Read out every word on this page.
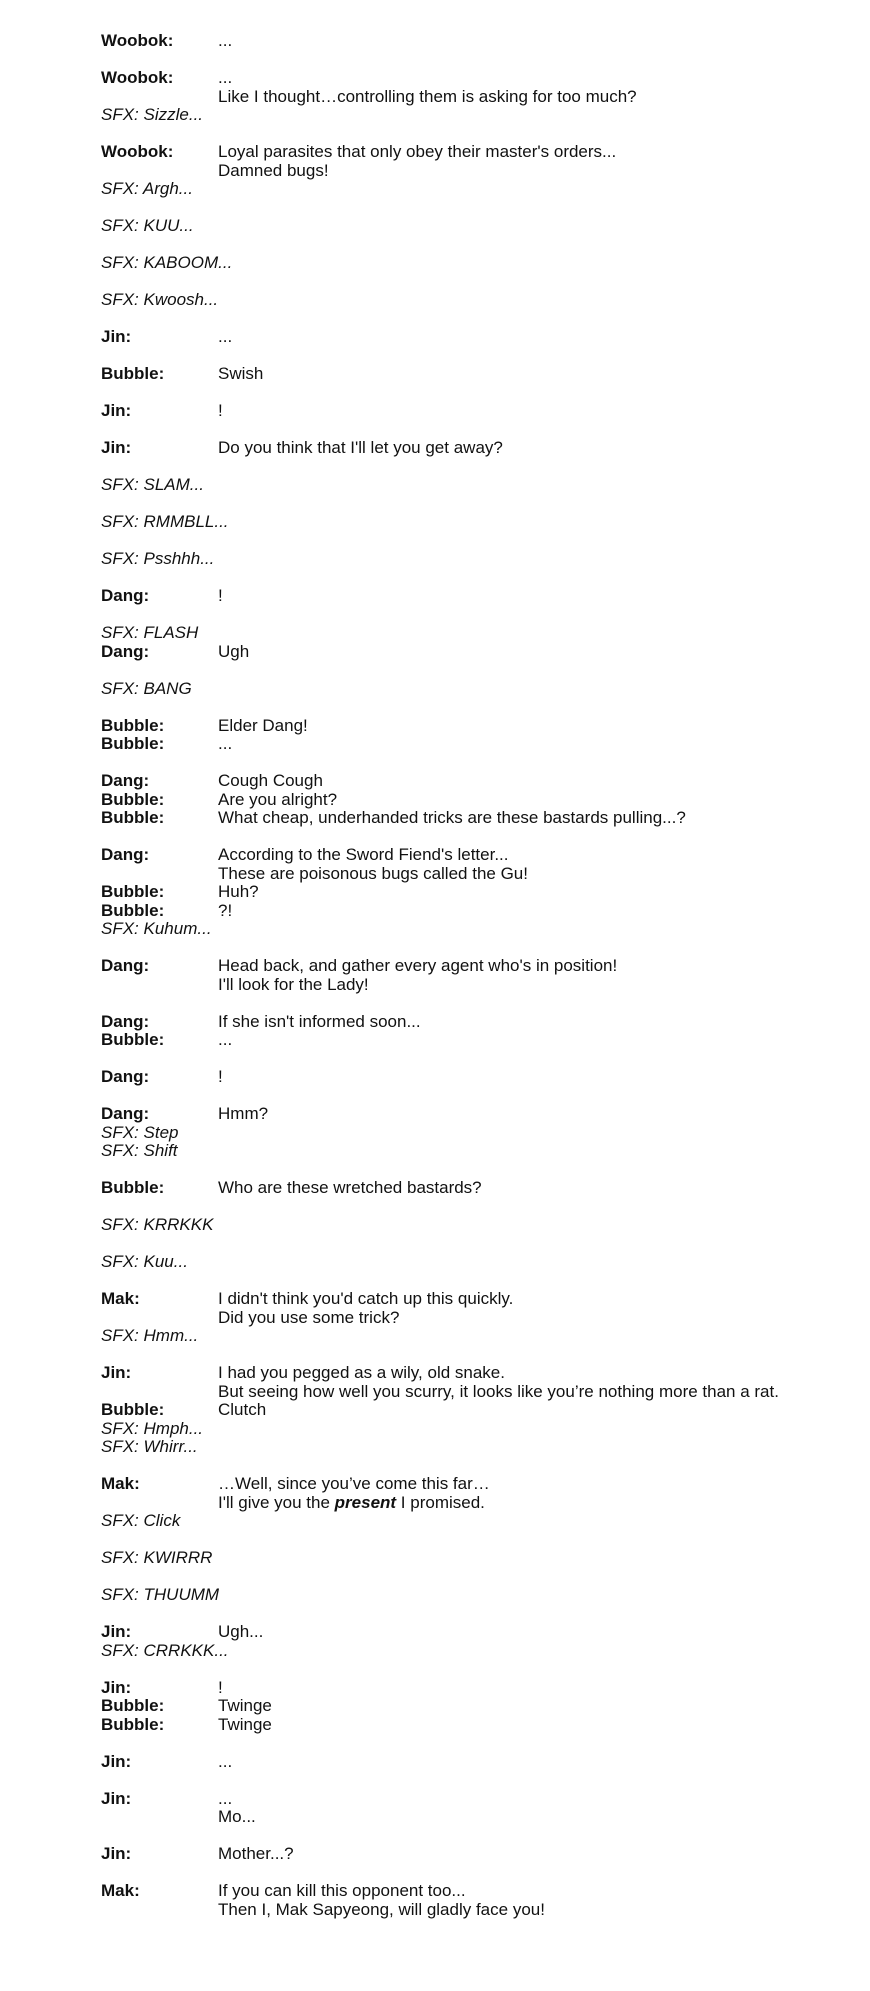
Woobok:	...
Woobok:	...
Like I thought…controlling them is asking for too much?
SFX: Sizzle...
Woobok:	Loyal parasites that only obey their master's orders...
Damned bugs!
SFX: Argh...
SFX: KUU...
SFX: KABOOM...
SFX: Kwoosh...
Jin:	...
Bubble:	Swish
Jin:	!
Jin:	Do you think that I'll let you get away?
SFX: SLAM...
SFX: RMMBLL...
SFX: Psshhh...
Dang:	!
SFX: FLASH
Dang:	Ugh
SFX: BANG
Bubble:	Elder Dang!
Bubble:	...
Dang:	Cough Cough
Bubble:	Are you alright?
Bubble:	What cheap, underhanded tricks are these bastards pulling...?
Dang:	According to the Sword Fiend's letter...
These are poisonous bugs called the Gu!
Bubble:	Huh?
Bubble:	?!
SFX: Kuhum...
Dang:	Head back, and gather every agent who's in position!
I'll look for the Lady!
Dang:	If she isn't informed soon...
Bubble:	...
Dang:	!
Dang:	Hmm?
SFX: Step
SFX: Shift
Bubble:	Who are these wretched bastards?
SFX: KRRKKK
SFX: Kuu...
Mak:	I didn't think you'd catch up this quickly.
Did you use some trick?
SFX: Hmm...
Jin:	I had you pegged as a wily, old snake.
But seeing how well you scurry, it looks like you’re nothing more than a rat.
Bubble:	Clutch
SFX: Hmph...
SFX: Whirr...
Mak:	…Well, since you’ve come this far…
I'll give you the present I promised.
SFX: Click
SFX: KWIRRR
SFX: THUUMM
Jin:	Ugh...
SFX: CRRKKK...
Jin:	!
Bubble:	Twinge
Bubble:	Twinge
Jin:	...
Jin:	...
Mo...
Jin:	Mother...?
Mak:	If you can kill this opponent too...
Then I, Mak Sapyeong, will gladly face you!
